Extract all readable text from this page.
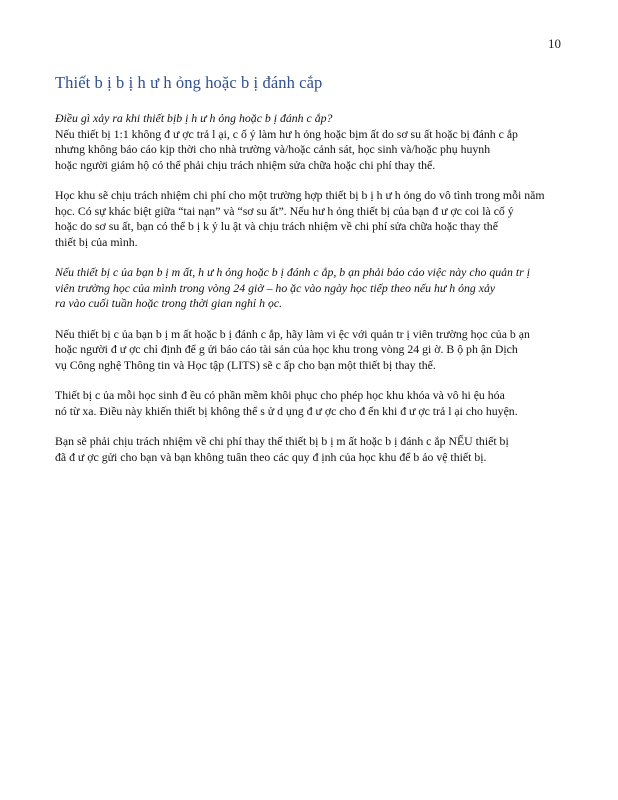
10
Thiết b ị b ị h ư h ỏng hoặc b ị đánh cắp

Điều gì xảy ra khi thiết bịb ị h ư h ỏng hoặc b ị đánh c ắp?
Nếu thiết bị 1:1 không đ ư ợc trả l ại, c ố ý làm hư h ỏng hoặc bịm ất do sơ su ất hoặc bị đánh c ắp
nhưng không báo cáo kịp thời cho nhà trường và/hoặc cảnh sát, học sinh và/hoặc phụ huynh
hoặc người giám hộ có thể phải chịu trách nhiệm sửa chữa hoặc chi phí thay thế.

Học khu sẽ chịu trách nhiệm chi phí cho một trường hợp thiết bị b ị h ư h ỏng do vô tình trong mỗi năm
học. Có sự khác biệt giữa “tai nạn” và “sơ su ất”. Nếu hư h ỏng thiết bị của bạn đ ư ợc coi là cố ý
hoặc do sơ su ất, bạn có thể b ị k ỷ lu ật và chịu trách nhiệm về chi phí sửa chữa hoặc thay thế
thiết bị của mình.

Nếu thiết bị c ủa bạn b ị m ất, h ư h ỏng hoặc b ị đánh c ắp, b ạn phải báo cáo việc này cho quản tr ị
viên trường học của mình trong vòng 24 giờ – ho ặc vào ngày học tiếp theo nếu hư h ỏng xảy
ra vào cuối tuần hoặc trong thời gian nghỉ h ọc.

Nếu thiết bị c ủa bạn b ị m ất hoặc b ị đánh c ắp, hãy làm vi ệc với quản tr ị viên trường học của b ạn
hoặc người đ ư ợc chỉ định để g ửi báo cáo tài sản của học khu trong vòng 24 gi ờ. B ộ ph ận Dịch
vụ Công nghệ Thông tin và Học tập (LITS) sẽ c ấp cho bạn một thiết bị thay thế.

Thiết bị c ủa mỗi học sinh đ ều có phần mềm khôi phục cho phép học khu khóa và vô hi ệu hóa
nó từ xa. Điều này khiến thiết bị không thể s ử d ụng đ ư ợc cho đ ến khi đ ư ợc trả l ại cho huyện.

Bạn sẽ phải chịu trách nhiệm về chi phí thay thế thiết bị b ị m ất hoặc b ị đánh c ắp NẾU thiết bị
đã đ ư ợc gửi cho bạn và bạn không tuân theo các quy đ ịnh của học khu để b ảo vệ thiết bị.
